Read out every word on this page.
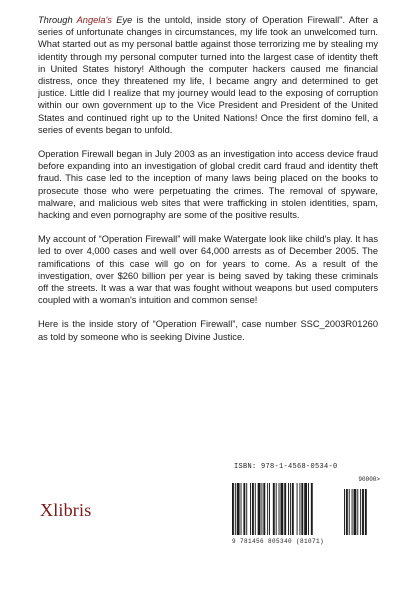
Through Angela's Eye is the untold, inside story of Operation Firewall". After a series of unfortunate changes in circumstances, my life took an unwelcomed turn. What started out as my personal battle against those terrorizing me by stealing my identity through my personal computer turned into the largest case of identity theft in United States history! Although the computer hackers caused me financial distress, once they threatened my life, I became angry and determined to get justice. Little did I realize that my journey would lead to the exposing of corruption within our own government up to the Vice President and President of the United States and continued right up to the United Nations! Once the first domino fell, a series of events began to unfold.

Operation Firewall began in July 2003 as an investigation into access device fraud before expanding into an investigation of global credit card fraud and identity theft fraud. This case led to the inception of many laws being placed on the books to prosecute those who were perpetuating the crimes. The removal of spyware, malware, and malicious web sites that were trafficking in stolen identities, spam, hacking and even pornography are some of the positive results.

My account of “Operation Firewall” will make Watergate look like child's play. It has led to over 4,000 cases and well over 64,000 arrests as of December 2005. The ramifications of this case will go on for years to come. As a result of the investigation, over $260 billion per year is being saved by taking these criminals off the streets. It was a war that was fought without weapons but used computers coupled with a woman's intuition and common sense!

Here is the inside story of “Operation Firewall”, case number SSC_2003R01260 as told by someone who is seeking Divine Justice.

Xlibris
ISBN: 978-1-4568-0534-0
90000>
9 781456 805340 (81071)
